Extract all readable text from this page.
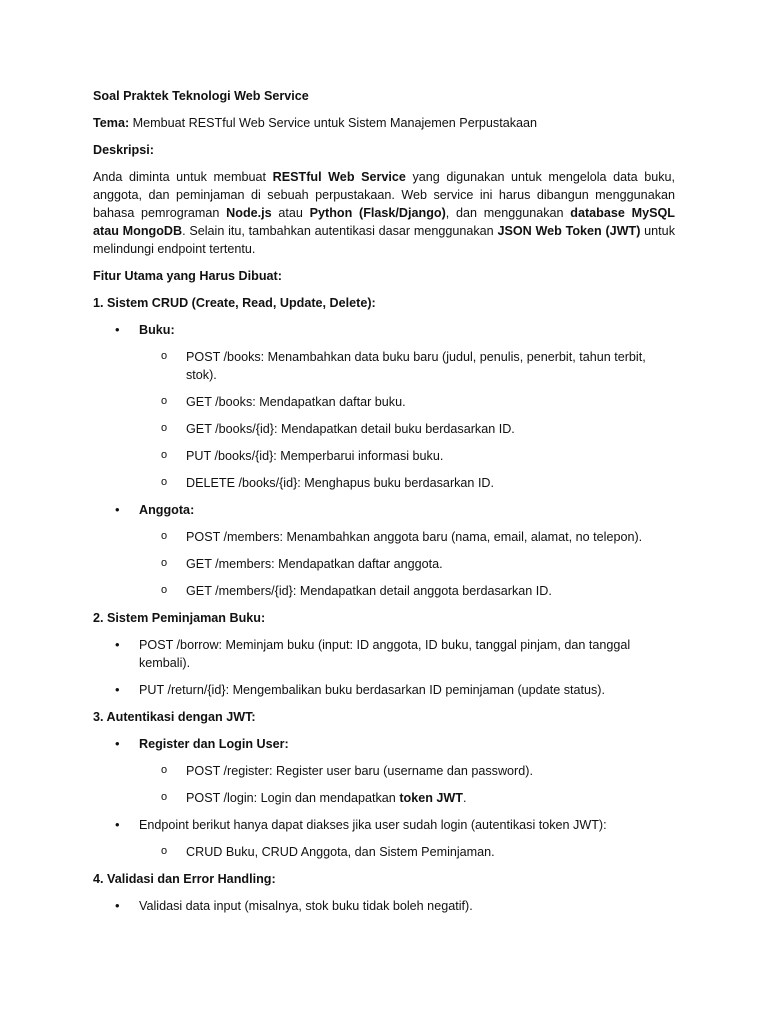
Soal Praktek Teknologi Web Service

Tema: Membuat RESTful Web Service untuk Sistem Manajemen Perpustakaan

Deskripsi:

Anda diminta untuk membuat RESTful Web Service yang digunakan untuk mengelola data buku, anggota, dan peminjaman di sebuah perpustakaan. Web service ini harus dibangun menggunakan bahasa pemrograman Node.js atau Python (Flask/Django), dan menggunakan database MySQL atau MongoDB. Selain itu, tambahkan autentikasi dasar menggunakan JSON Web Token (JWT) untuk melindungi endpoint tertentu.

Fitur Utama yang Harus Dibuat:

1. Sistem CRUD (Create, Read, Update, Delete):

• Buku:
o POST /books: Menambahkan data buku baru (judul, penulis, penerbit, tahun terbit, stok).
o GET /books: Mendapatkan daftar buku.
o GET /books/{id}: Mendapatkan detail buku berdasarkan ID.
o PUT /books/{id}: Memperbarui informasi buku.
o DELETE /books/{id}: Menghapus buku berdasarkan ID.
• Anggota:
o POST /members: Menambahkan anggota baru (nama, email, alamat, no telepon).
o GET /members: Mendapatkan daftar anggota.
o GET /members/{id}: Mendapatkan detail anggota berdasarkan ID.

2. Sistem Peminjaman Buku:

• POST /borrow: Meminjam buku (input: ID anggota, ID buku, tanggal pinjam, dan tanggal kembali).
• PUT /return/{id}: Mengembalikan buku berdasarkan ID peminjaman (update status).

3. Autentikasi dengan JWT:

• Register dan Login User:
o POST /register: Register user baru (username dan password).
o POST /login: Login dan mendapatkan token JWT.
• Endpoint berikut hanya dapat diakses jika user sudah login (autentikasi token JWT):
o CRUD Buku, CRUD Anggota, dan Sistem Peminjaman.

4. Validasi dan Error Handling:

• Validasi data input (misalnya, stok buku tidak boleh negatif).
